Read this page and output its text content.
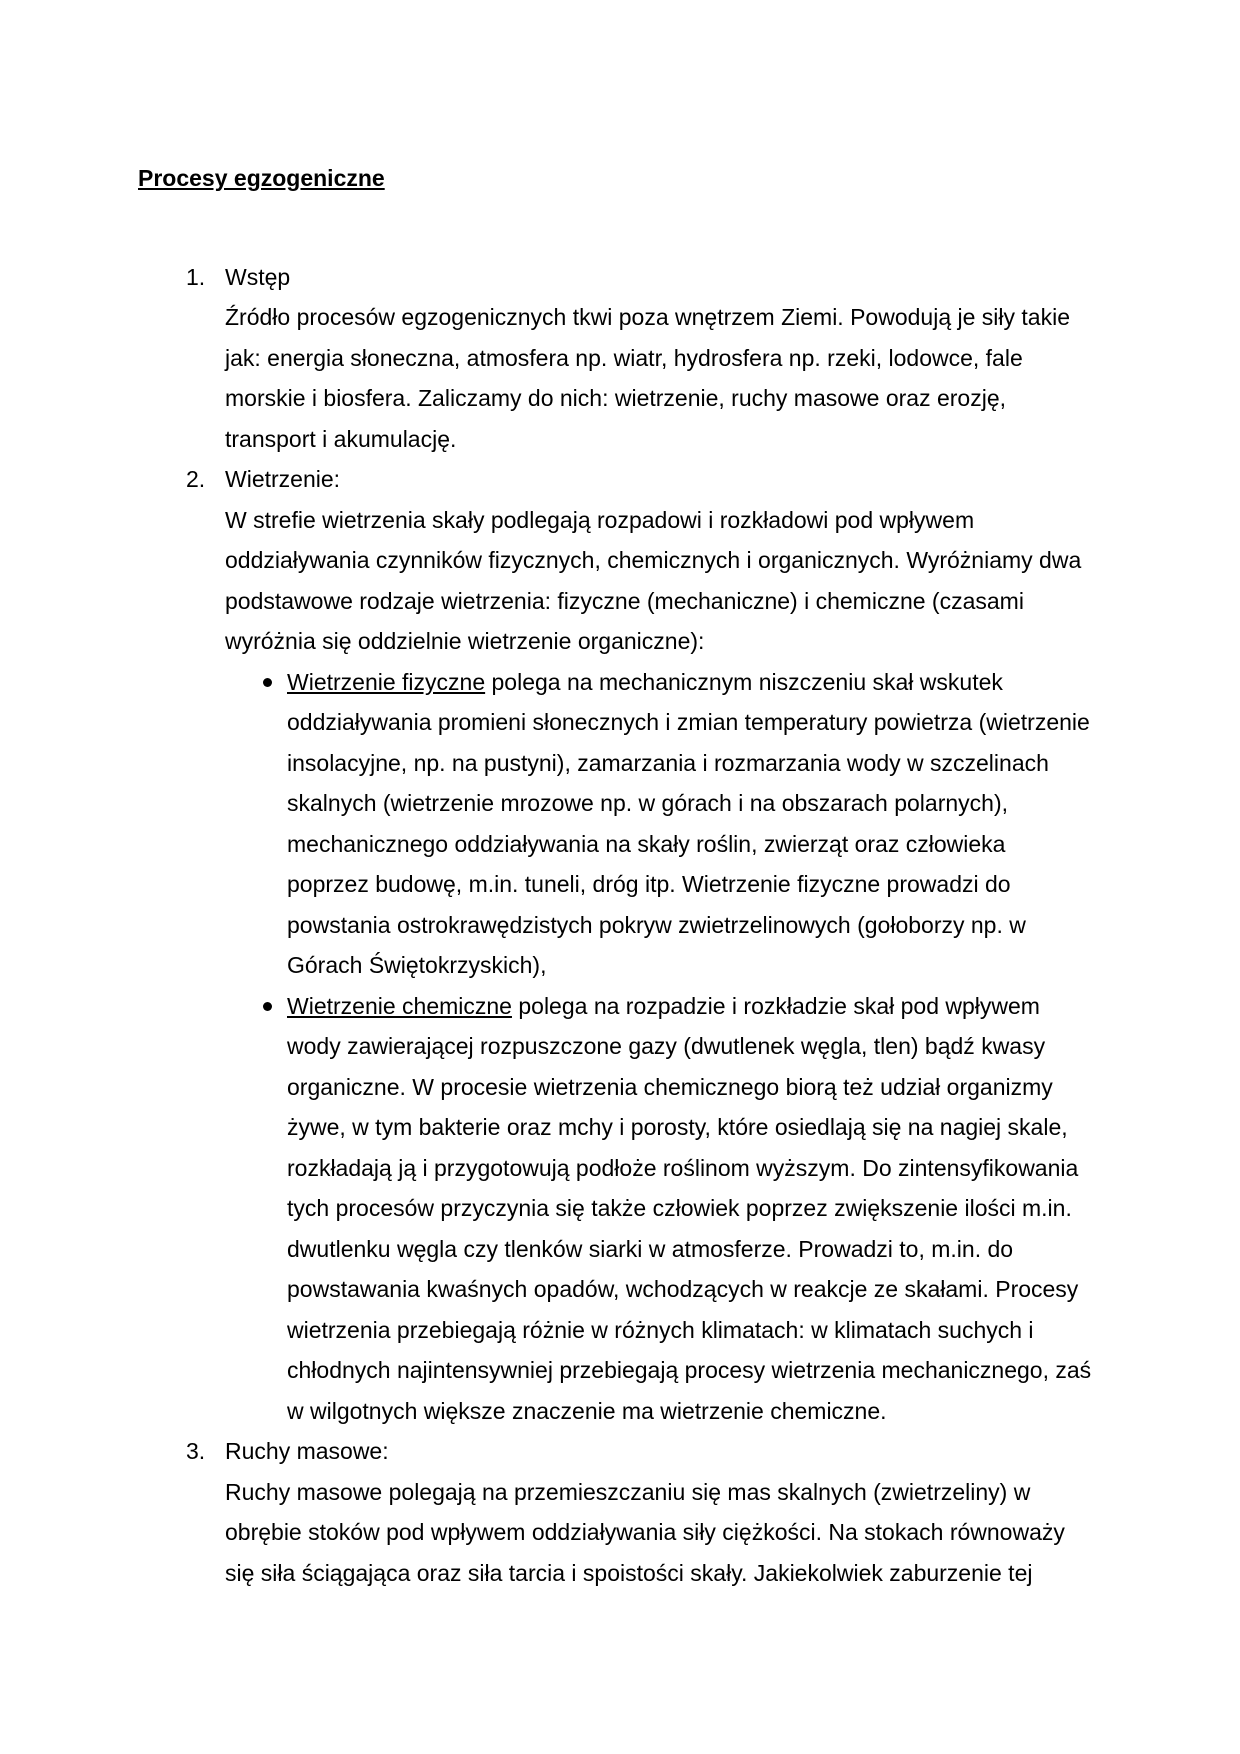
Procesy egzogeniczne
1. Wstęp
Źródło procesów egzogenicznych tkwi poza wnętrzem Ziemi. Powodują je siły takie jak: energia słoneczna, atmosfera np. wiatr, hydrosfera np. rzeki, lodowce, fale morskie i biosfera. Zaliczamy do nich: wietrzenie, ruchy masowe oraz erozję, transport i akumulację.
2. Wietrzenie:
W strefie wietrzenia skały podlegają rozpadowi i rozkładowi pod wpływem oddziaływania czynników fizycznych, chemicznych i organicznych. Wyróżniamy dwa podstawowe rodzaje wietrzenia: fizyczne (mechaniczne) i chemiczne (czasami wyróżnia się oddzielnie wietrzenie organiczne):
Wietrzenie fizyczne polega na mechanicznym niszczeniu skał wskutek oddziaływania promieni słonecznych i zmian temperatury powietrza (wietrzenie insolacyjne, np. na pustyni), zamarzania i rozmarzania wody w szczelinach skalnych (wietrzenie mrozowe np. w górach i na obszarach polarnych), mechanicznego oddziaływania na skały roślin, zwierząt oraz człowieka poprzez budowę, m.in. tuneli, dróg itp. Wietrzenie fizyczne prowadzi do powstania ostrokrawędzistych pokryw zwietrzelinowych (gołoborzy np. w Górach Świętokrzyskich),
Wietrzenie chemiczne polega na rozpadzie i rozkładzie skał pod wpływem wody zawierającej rozpuszczone gazy (dwutlenek węgla, tlen) bądź kwasy organiczne. W procesie wietrzenia chemicznego biorą też udział organizmy żywe, w tym bakterie oraz mchy i porosty, które osiedlają się na nagiej skale, rozkładają ją i przygotowują podłoże roślinom wyższym. Do zintensyfikowania tych procesów przyczynia się także człowiek poprzez zwiększenie ilości m.in. dwutlenku węgla czy tlenków siarki w atmosferze. Prowadzi to, m.in. do powstawania kwaśnych opadów, wchodzących w reakcje ze skałami. Procesy wietrzenia przebiegają różnie w różnych klimatach: w klimatach suchych i chłodnych najintensywniej przebiegają procesy wietrzenia mechanicznego, zaś w wilgotnych większe znaczenie ma wietrzenie chemiczne.
3. Ruchy masowe:
Ruchy masowe polegają na przemieszczaniu się mas skalnych (zwietrzeliny) w obrębie stoków pod wpływem oddziaływania siły ciężkości. Na stokach równoważy się siła ściągająca oraz siła tarcia i spoistości skały. Jakiekolwiek zaburzenie tej
